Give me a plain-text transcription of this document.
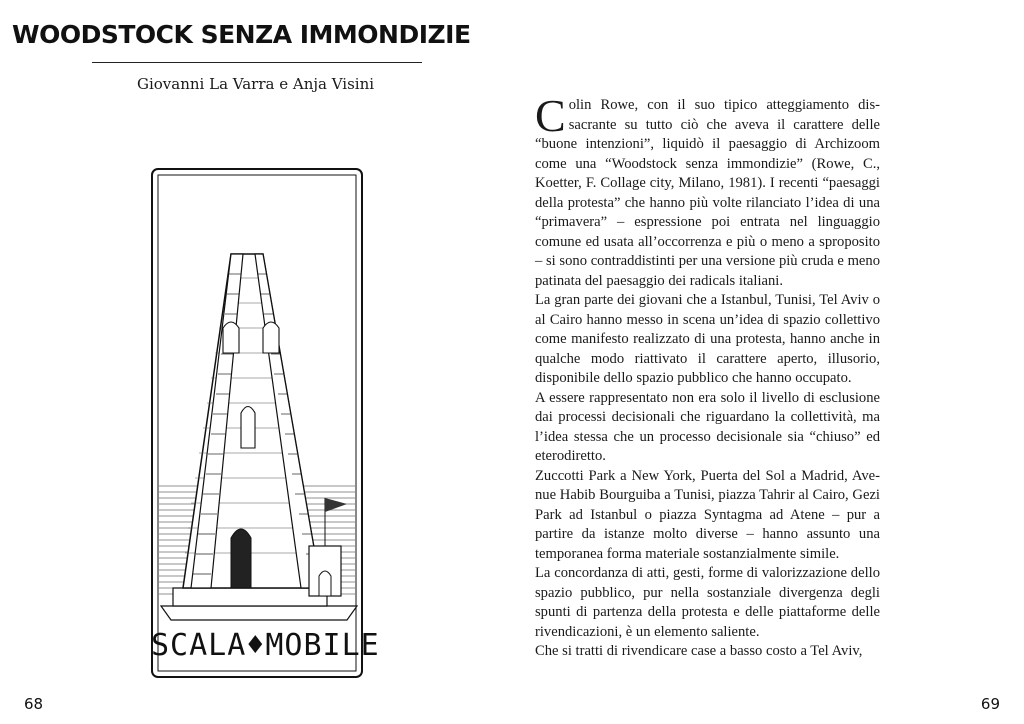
WOODSTOCK SENZA IMMONDIZIE
Giovanni La Varra e Anja Visini
SCALA♦MOBILE

Colin Rowe, con il suo tipico atteggiamento dissacrante su tutto ciò che aveva il carattere delle “buone intenzioni”, liquidò il paesaggio di Archizoom come una “Woodstock senza immondizie” (Rowe, C., Koetter, F. Collage city, Milano, 1981). I recenti “paesaggi della protesta” che hanno più volte rilanciato l’idea di una “primavera” – espressione poi entrata nel linguaggio comune ed usata all’occorrenza e più o meno a sproposito – si sono contraddistinti per una versione più cruda e meno patinata del paesaggio dei radicals italiani.

La gran parte dei giovani che a Istanbul, Tunisi, Tel Aviv o al Cairo hanno messo in scena un’idea di spazio collettivo come manifesto realizzato di una protesta, hanno anche in qualche modo riattivato il carattere aperto, illusorio, disponibile dello spazio pubblico che hanno occupato.

A essere rappresentato non era solo il livello di esclusione dai processi decisionali che riguardano la collettività, ma l’idea stessa che un processo decisionale sia “chiuso” ed eterodiretto.

Zuccotti Park a New York, Puerta del Sol a Madrid, Avenue Habib Bourguiba a Tunisi, piazza Tahrir al Cairo, Gezi Park ad Istanbul o piazza Syntagma ad Atene – pur a partire da istanze molto diverse – hanno assunto una temporanea forma materiale sostanzialmente simile.

La concordanza di atti, gesti, forme di valorizzazione dello spazio pubblico, pur nella sostanziale divergenza degli spunti di partenza della protesta e delle piattaforme delle rivendicazioni, è un elemento saliente.

Che si tratti di rivendicare case a basso costo a Tel Aviv,

68	69
